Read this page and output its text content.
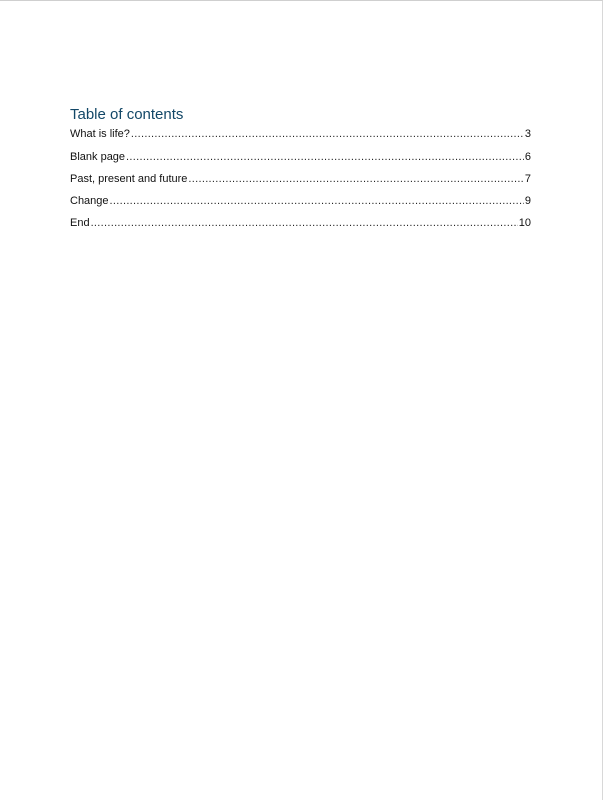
Table of contents
What is life? .....	3
Blank page .....	6
Past, present and future .....	7
Change .....	9
End .....	10
